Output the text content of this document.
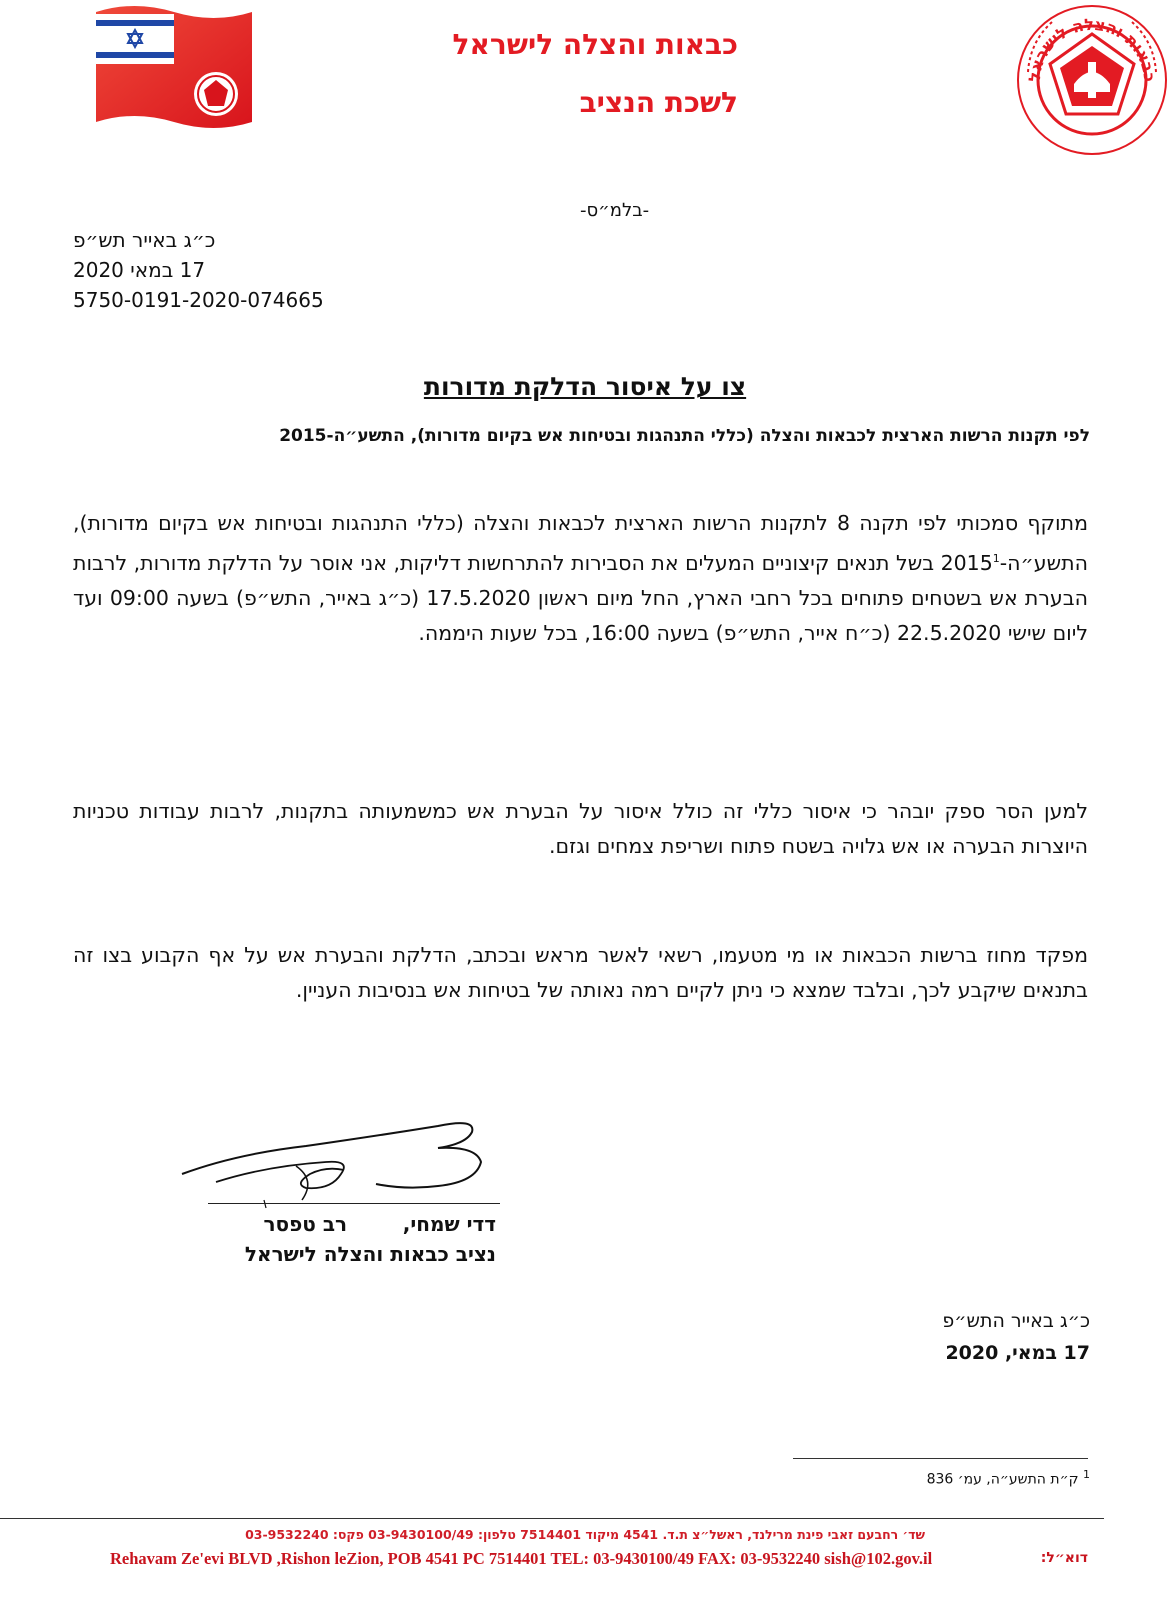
כבאות והצלה לישראל
לשכת הנציב
כבאות והצלה לישראל
-בלמ״ס-
כ״ג באייר תש״פ
17 במאי 2020
5750-0191-2020-074665
צו על איסור הדלקת מדורות
לפי תקנות הרשות הארצית לכבאות והצלה (כללי התנהגות ובטיחות אש בקיום מדורות), התשע״ה-2015
מתוקף סמכותי לפי תקנה 8 לתקנות הרשות הארצית לכבאות והצלה (כללי התנהגות ובטיחות אש בקיום מדורות), התשע״ה-2015$^1$ בשל תנאים קיצוניים המעלים את הסבירות להתרחשות דליקות, אני אוסר על הדלקת מדורות, לרבות הבערת אש בשטחים פתוחים בכל רחבי הארץ, החל מיום ראשון 17.5.2020 (כ״ג באייר, התש״פ) בשעה 09:00 ועד ליום שישי 22.5.2020 (כ״ח אייר, התש״פ) בשעה 16:00, בכל שעות היממה.
למען הסר ספק יובהר כי איסור כללי זה כולל איסור על הבערת אש כמשמעותה בתקנות, לרבות עבודות טכניות היוצרות הבערה או אש גלויה בשטח פתוח ושריפת צמחים וגזם.
מפקד מחוז ברשות הכבאות או מי מטעמו, רשאי לאשר מראש ובכתב, הדלקת והבערת אש על אף הקבוע בצו זה בתנאים שיקבע לכך, ובלבד שמצא כי ניתן לקיים רמה נאותה של בטיחות אש בנסיבות העניין.
דדי שמחי,        רב טפסר
נציב כבאות והצלה לישראל
כ״ג באייר התש״פ
17 במאי, 2020
$^1$ ק״ת התשע״ה, עמ׳ 836
שד׳ רחבעם זאבי פינת מרילנד, ראשל״צ ת.ד. 4541 מיקוד 7514401 טלפון: 03-9430100/49 פקס: 03-9532240
Rehavam Ze'evi BLVD ,Rishon leZion, POB 4541 PC 7514401 TEL: 03-9430100/49 FAX: 03-9532240 sish@102.gov.il	דוא״ל:
